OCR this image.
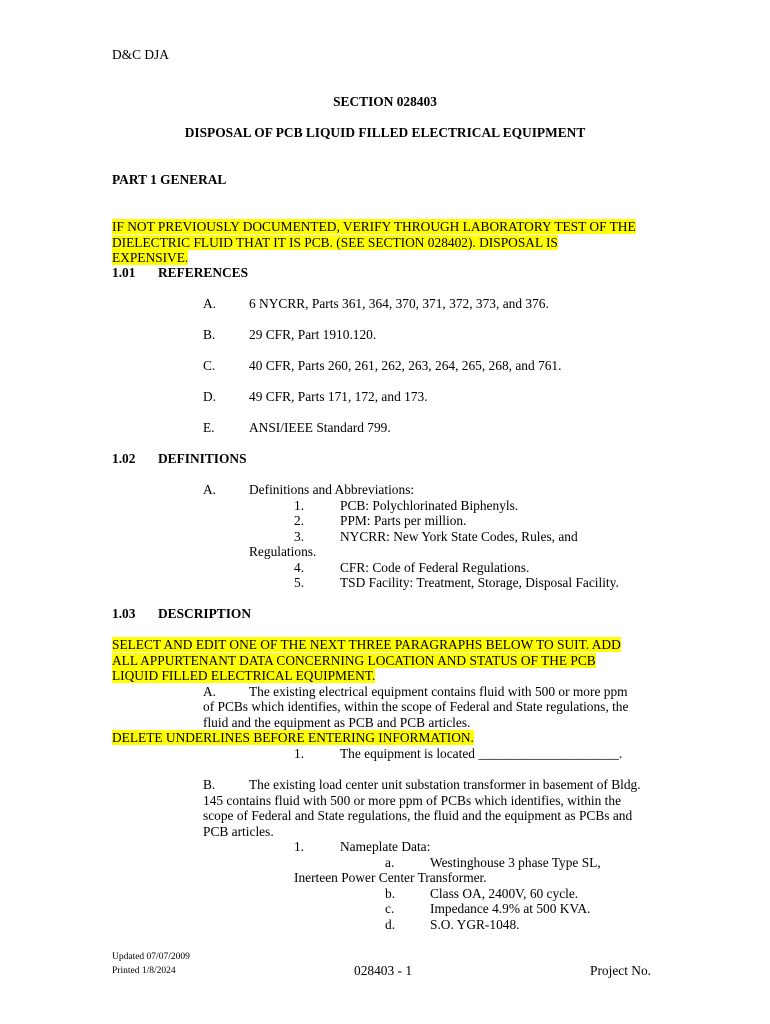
D&C DJA
SECTION 028403
DISPOSAL OF PCB LIQUID FILLED ELECTRICAL EQUIPMENT
PART 1 GENERAL
IF NOT PREVIOUSLY DOCUMENTED, VERIFY THROUGH LABORATORY TEST OF THE DIELECTRIC FLUID THAT IT IS PCB. (SEE SECTION 028402). DISPOSAL IS EXPENSIVE.
1.01 REFERENCES
A. 6 NYCRR, Parts 361, 364, 370, 371, 372, 373, and 376.
B.	29 CFR, Part 1910.120.
C.	40 CFR, Parts 260, 261, 262, 263, 264, 265, 268, and 761.
D. 49 CFR, Parts 171, 172, and 173.
E.	ANSI/IEEE Standard 799.
1.02 DEFINITIONS
A. Definitions and Abbreviations:
1.	PCB: Polychlorinated Biphenyls.
2.	PPM: Parts per million.
3.	NYCRR: New York State Codes, Rules, and
Regulations.
4.	CFR: Code of Federal Regulations.
5.	TSD Facility: Treatment, Storage, Disposal Facility.
1.03 DESCRIPTION
SELECT AND EDIT ONE OF THE NEXT THREE PARAGRAPHS BELOW TO SUIT. ADD ALL APPURTENANT DATA CONCERNING LOCATION AND STATUS OF THE PCB LIQUID FILLED ELECTRICAL EQUIPMENT.
A. The existing electrical equipment contains fluid with 500 or more ppm
of PCBs which identifies, within the scope of Federal and State regulations, the
fluid and the equipment as PCB and PCB articles.
DELETE UNDERLINES BEFORE ENTERING INFORMATION.
1.	The equipment is located _____________________.
B.	The existing load center unit substation transformer in basement of Bldg.
145 contains fluid with 500 or more ppm of PCBs which identifies, within the
scope of Federal and State regulations, the fluid and the equipment as PCBs and
PCB articles.
1.	Nameplate Data:
a.	Westinghouse 3 phase Type SL,
Inerteen Power Center Transformer.
b.	Class OA, 2400V, 60 cycle.
c.	Impedance 4.9% at 500 KVA.
d.	S.O. YGR-1048.
Updated 07/07/2009
Printed 1/8/2024	028403 - 1	Project No.
